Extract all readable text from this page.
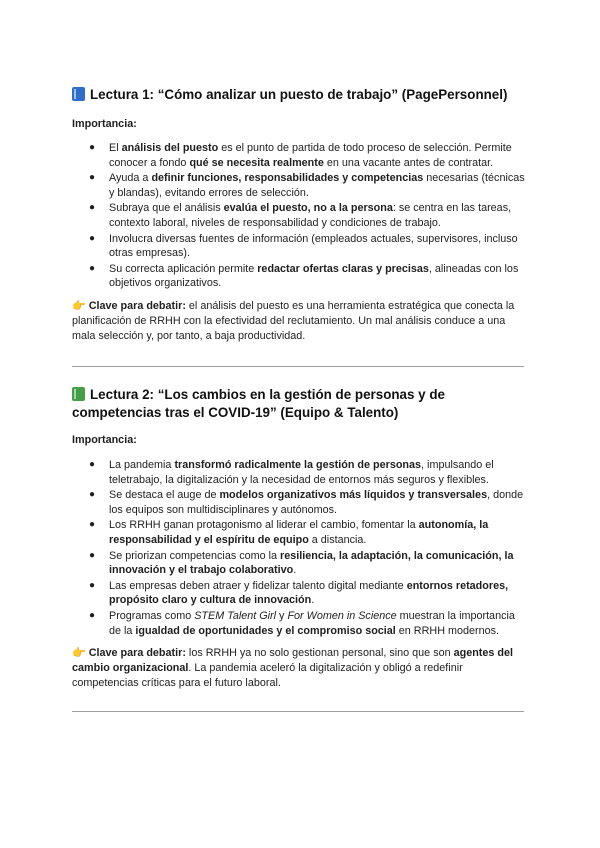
Lectura 1: “Cómo analizar un puesto de trabajo” (PagePersonnel)

Importancia:

● El análisis del puesto es el punto de partida de todo proceso de selección. Permite conocer a fondo qué se necesita realmente en una vacante antes de contratar.
● Ayuda a definir funciones, responsabilidades y competencias necesarias (técnicas y blandas), evitando errores de selección.
● Subraya que el análisis evalúa el puesto, no a la persona: se centra en las tareas, contexto laboral, niveles de responsabilidad y condiciones de trabajo.
● Involucra diversas fuentes de información (empleados actuales, supervisores, incluso otras empresas).
● Su correcta aplicación permite redactar ofertas claras y precisas, alineadas con los objetivos organizativos.

👉 Clave para debatir: el análisis del puesto es una herramienta estratégica que conecta la planificación de RRHH con la efectividad del reclutamiento. Un mal análisis conduce a una mala selección y, por tanto, a baja productividad.

Lectura 2: “Los cambios en la gestión de personas y de competencias tras el COVID-19” (Equipo & Talento)

Importancia:

● La pandemia transformó radicalmente la gestión de personas, impulsando el teletrabajo, la digitalización y la necesidad de entornos más seguros y flexibles.
● Se destaca el auge de modelos organizativos más líquidos y transversales, donde los equipos son multidisciplinares y autónomos.
● Los RRHH ganan protagonismo al liderar el cambio, fomentar la autonomía, la responsabilidad y el espíritu de equipo a distancia.
● Se priorizan competencias como la resiliencia, la adaptación, la comunicación, la innovación y el trabajo colaborativo.
● Las empresas deben atraer y fidelizar talento digital mediante entornos retadores, propósito claro y cultura de innovación.
● Programas como STEM Talent Girl y For Women in Science muestran la importancia de la igualdad de oportunidades y el compromiso social en RRHH modernos.

👉 Clave para debatir: los RRHH ya no solo gestionan personal, sino que son agentes del cambio organizacional. La pandemia aceleró la digitalización y obligó a redefinir competencias críticas para el futuro laboral.
